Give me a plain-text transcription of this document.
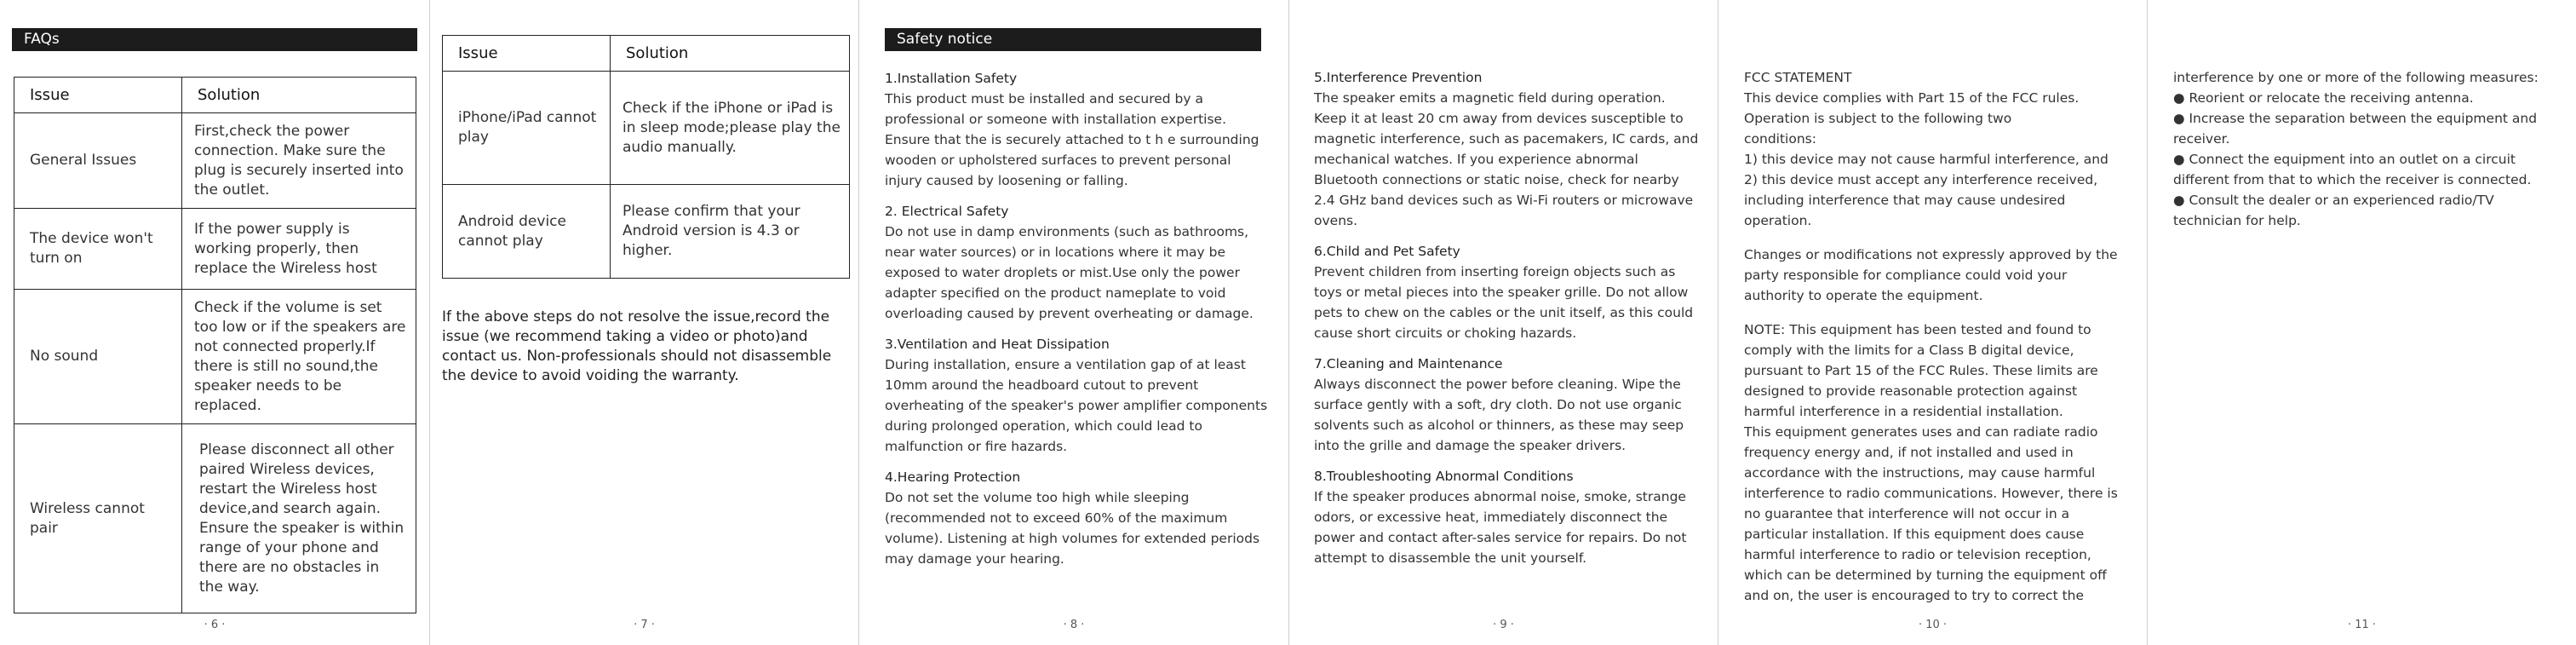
FAQs
Issue	Solution
General Issues	First,check the power connection. Make sure the plug is securely inserted into the outlet.
The device won't turn on	If the power supply is working properly, then replace the Wireless host
No sound	Check if the volume is set too low or if the speakers are not connected properly.If there is still no sound,the speaker needs to be replaced.
Wireless cannot pair	Please disconnect all other paired Wireless devices, restart the Wireless host device,and search again. Ensure the speaker is within range of your phone and there are no obstacles in the way.
· 6 ·
Issue	Solution
iPhone/iPad cannot play	Check if the iPhone or iPad is in sleep mode;please play the audio manually.
Android device cannot play	Please confirm that your Android version is 4.3 or higher.
If the above steps do not resolve the issue,record the issue (we recommend taking a video or photo)and contact us. Non-professionals should not disassemble the device to avoid voiding the warranty.
· 7 ·
Safety notice
1.Installation Safety
This product must be installed and secured by a professional or someone with installation expertise. Ensure that the is securely attached to t h e surrounding wooden or upholstered surfaces to prevent personal injury caused by loosening or falling.
2. Electrical Safety
Do not use in damp environments (such as bathrooms, near water sources) or in locations where it may be exposed to water droplets or mist.Use only the power adapter specified on the product nameplate to void overloading caused by prevent overheating or damage.
3.Ventilation and Heat Dissipation
During installation, ensure a ventilation gap of at least 10mm around the headboard cutout to prevent overheating of the speaker's power amplifier components during prolonged operation, which could lead to malfunction or fire hazards.
4.Hearing Protection
Do not set the volume too high while sleeping (recommended not to exceed 60% of the maximum volume). Listening at high volumes for extended periods may damage your hearing.
· 8 ·
5.Interference Prevention
The speaker emits a magnetic field during operation. Keep it at least 20 cm away from devices susceptible to magnetic interference, such as pacemakers, IC cards, and mechanical watches. If you experience abnormal Bluetooth connections or static noise, check for nearby 2.4 GHz band devices such as Wi-Fi routers or microwave ovens.
6.Child and Pet Safety
Prevent children from inserting foreign objects such as toys or metal pieces into the speaker grille. Do not allow pets to chew on the cables or the unit itself, as this could cause short circuits or choking hazards.
7.Cleaning and Maintenance
Always disconnect the power before cleaning. Wipe the surface gently with a soft, dry cloth. Do not use organic solvents such as alcohol or thinners, as these may seep into the grille and damage the speaker drivers.
8.Troubleshooting Abnormal Conditions
If the speaker produces abnormal noise, smoke, strange odors, or excessive heat, immediately disconnect the power and contact after-sales service for repairs. Do not attempt to disassemble the unit yourself.
· 9 ·
FCC STATEMENT
This device complies with Part 15 of the FCC rules.
Operation is subject to the following two
conditions:
1) this device may not cause harmful interference, and
2) this device must accept any interference received,
including interference that may cause undesired
operation.
Changes or modifications not expressly approved by the party responsible for compliance could void your authority to operate the equipment.
NOTE: This equipment has been tested and found to comply with the limits for a Class B digital device, pursuant to Part 15 of the FCC Rules. These limits are designed to provide reasonable protection against harmful interference in a residential installation.
This equipment generates uses and can radiate radio frequency energy and, if not installed and used in accordance with the instructions, may cause harmful interference to radio communications. However, there is no guarantee that interference will not occur in a particular installation. If this equipment does cause harmful interference to radio or television reception, which can be determined by turning the equipment off and on, the user is encouraged to try to correct the
· 10 ·
interference by one or more of the following measures:
● Reorient or relocate the receiving antenna.
● Increase the separation between the equipment and receiver.
● Connect the equipment into an outlet on a circuit different from that to which the receiver is connected.
● Consult the dealer or an experienced radio/TV technician for help.
· 11 ·
